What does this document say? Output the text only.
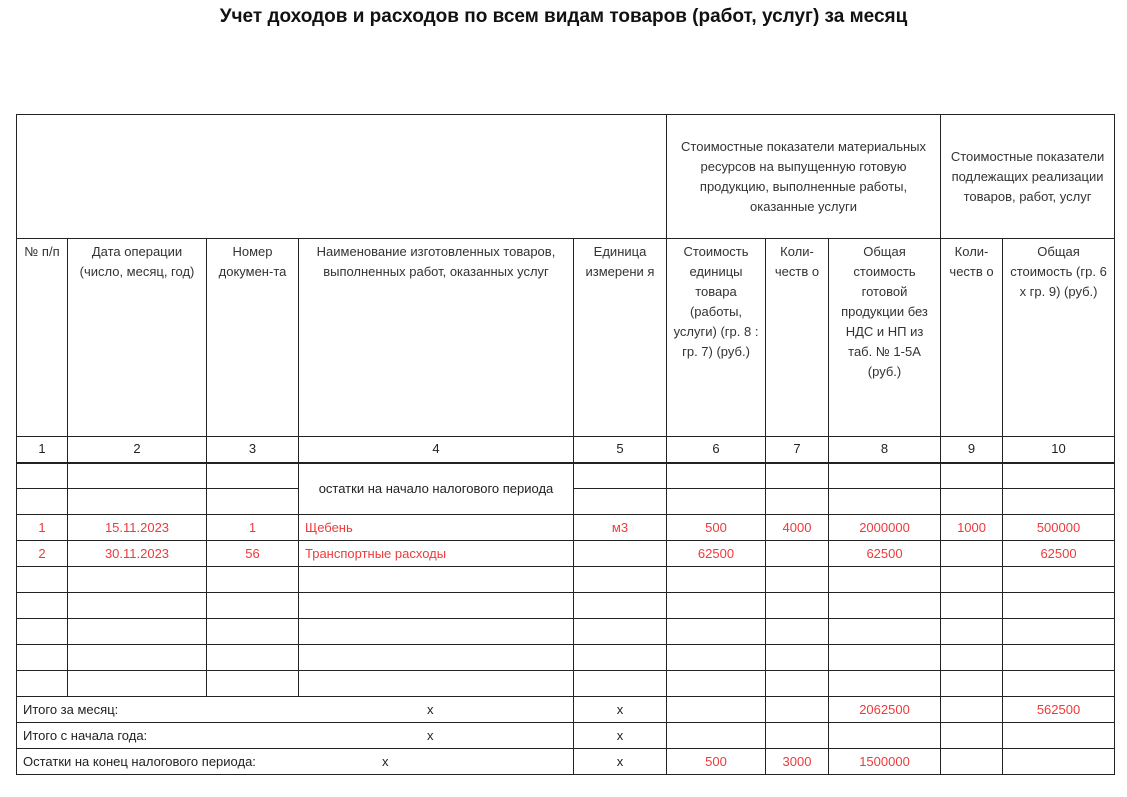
Учет доходов и расходов по всем видам товаров (работ, услуг) за месяц
					Стоимостные показатели материальных ресурсов на выпущенную готовую продукцию, выполненные работы, оказанные услуги			Стоимостные показатели подлежащих реализации товаров, работ, услуг	
№ п/п	Дата операции (число, месяц, год)	Номер докумен-та	Наименование изготовленных товаров, выполненных работ, оказанных услуг	Единица измерени я	Стоимость единицы товара (работы, услуги) (гр. 8 : гр. 7) (руб.)	Коли-честв о	Общая стоимость готовой продукции без НДС и НП из таб. № 1-5А (руб.)	Коли-честв о	Общая стоимость (гр. 6 x гр. 9) (руб.)
1	2	3	4	5	6	7	8	9	10
			остатки на начало налогового периода						

1	15.11.2023	1	Щебень	м3	500	4000	2000000	1000	500000
2	30.11.2023	56	Транспортные расходы		62500		62500		62500

Итого за месяц: x				x			2062500		562500
Итого с начала года: x				x					
Остатки на конец налогового периода: x				x	500	3000	1500000		
